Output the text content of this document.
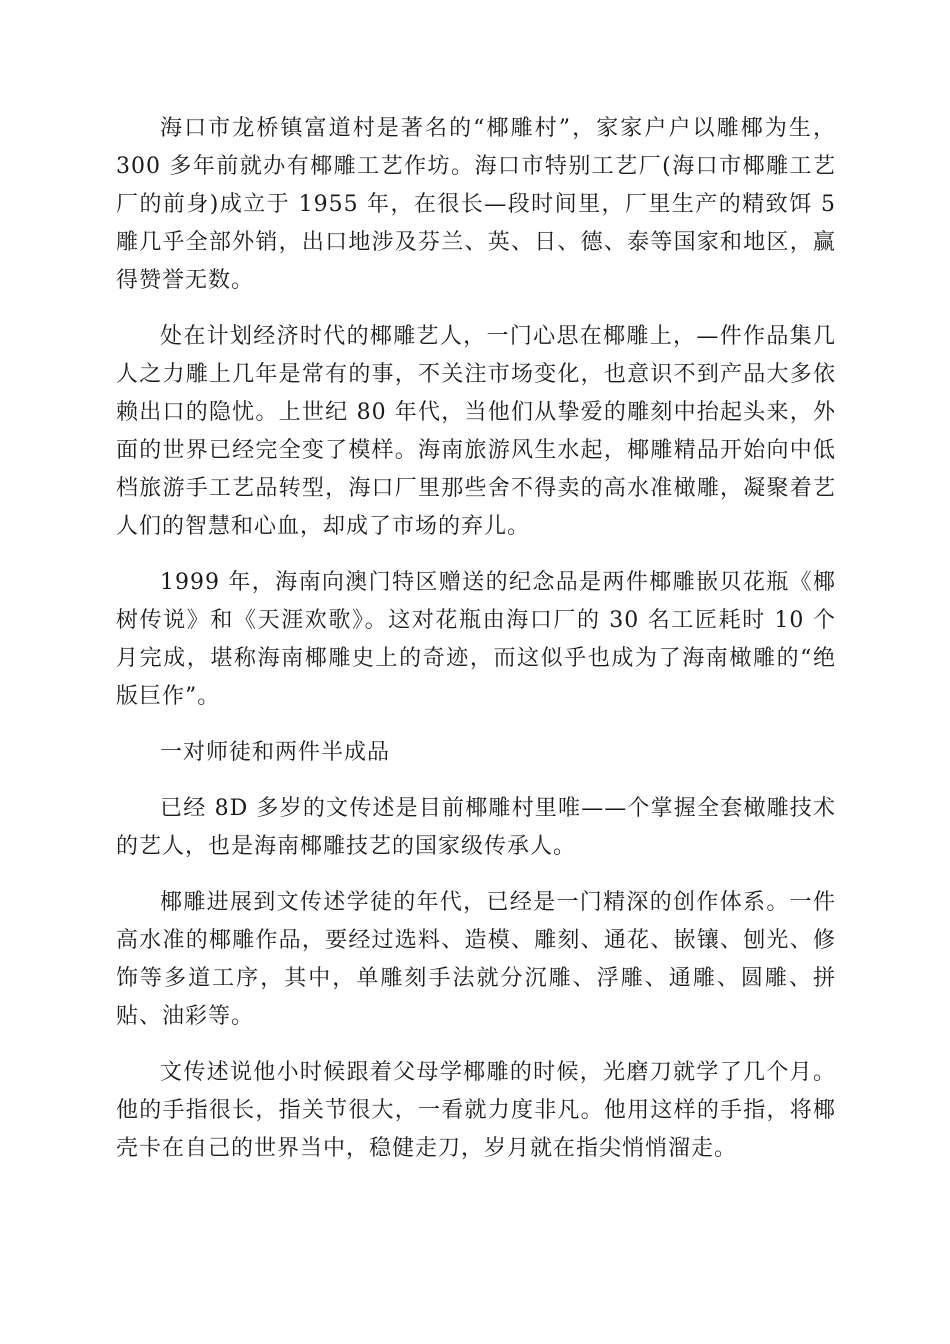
海口市龙桥镇富道村是著名的“椰雕村”，家家户户以雕椰为生，300 多年前就办有椰雕工艺作坊。海口市特别工艺厂(海口市椰雕工艺厂的前身)成立于 1955 年，在很长—段时间里，厂里生产的精致饵 5 雕几乎全部外销，出口地涉及芬兰、英、日、德、泰等国家和地区，赢得赞誉无数。

处在计划经济时代的椰雕艺人，一门心思在椰雕上，—件作品集几人之力雕上几年是常有的事，不关注市场变化，也意识不到产品大多依赖出口的隐忧。上世纪 80 年代，当他们从挚爱的雕刻中抬起头来，外面的世界已经完全变了模样。海南旅游风生水起，椰雕精品开始向中低档旅游手工艺品转型，海口厂里那些舍不得卖的高水准橄雕，凝聚着艺人们的智慧和心血，却成了市场的弃儿。

1999 年，海南向澳门特区赠送的纪念品是两件椰雕嵌贝花瓶《椰树传说》和《天涯欢歌》。这对花瓶由海口厂的 30 名工匠耗时 10 个月完成，堪称海南椰雕史上的奇迹，而这似乎也成为了海南橄雕的“绝版巨作”。

一对师徒和两件半成品

已经 8D 多岁的文传述是目前椰雕村里唯——个掌握全套橄雕技术的艺人，也是海南椰雕技艺的国家级传承人。

椰雕进展到文传述学徒的年代，已经是一门精深的创作体系。一件高水准的椰雕作品，要经过选料、造模、雕刻、通花、嵌镶、刨光、修饰等多道工序，其中，单雕刻手法就分沉雕、浮雕、通雕、圆雕、拼贴、油彩等。

文传述说他小时候跟着父母学椰雕的时候，光磨刀就学了几个月。他的手指很长，指关节很大，一看就力度非凡。他用这样的手指，将椰壳卡在自己的世界当中，稳健走刀，岁月就在指尖悄悄溜走。
